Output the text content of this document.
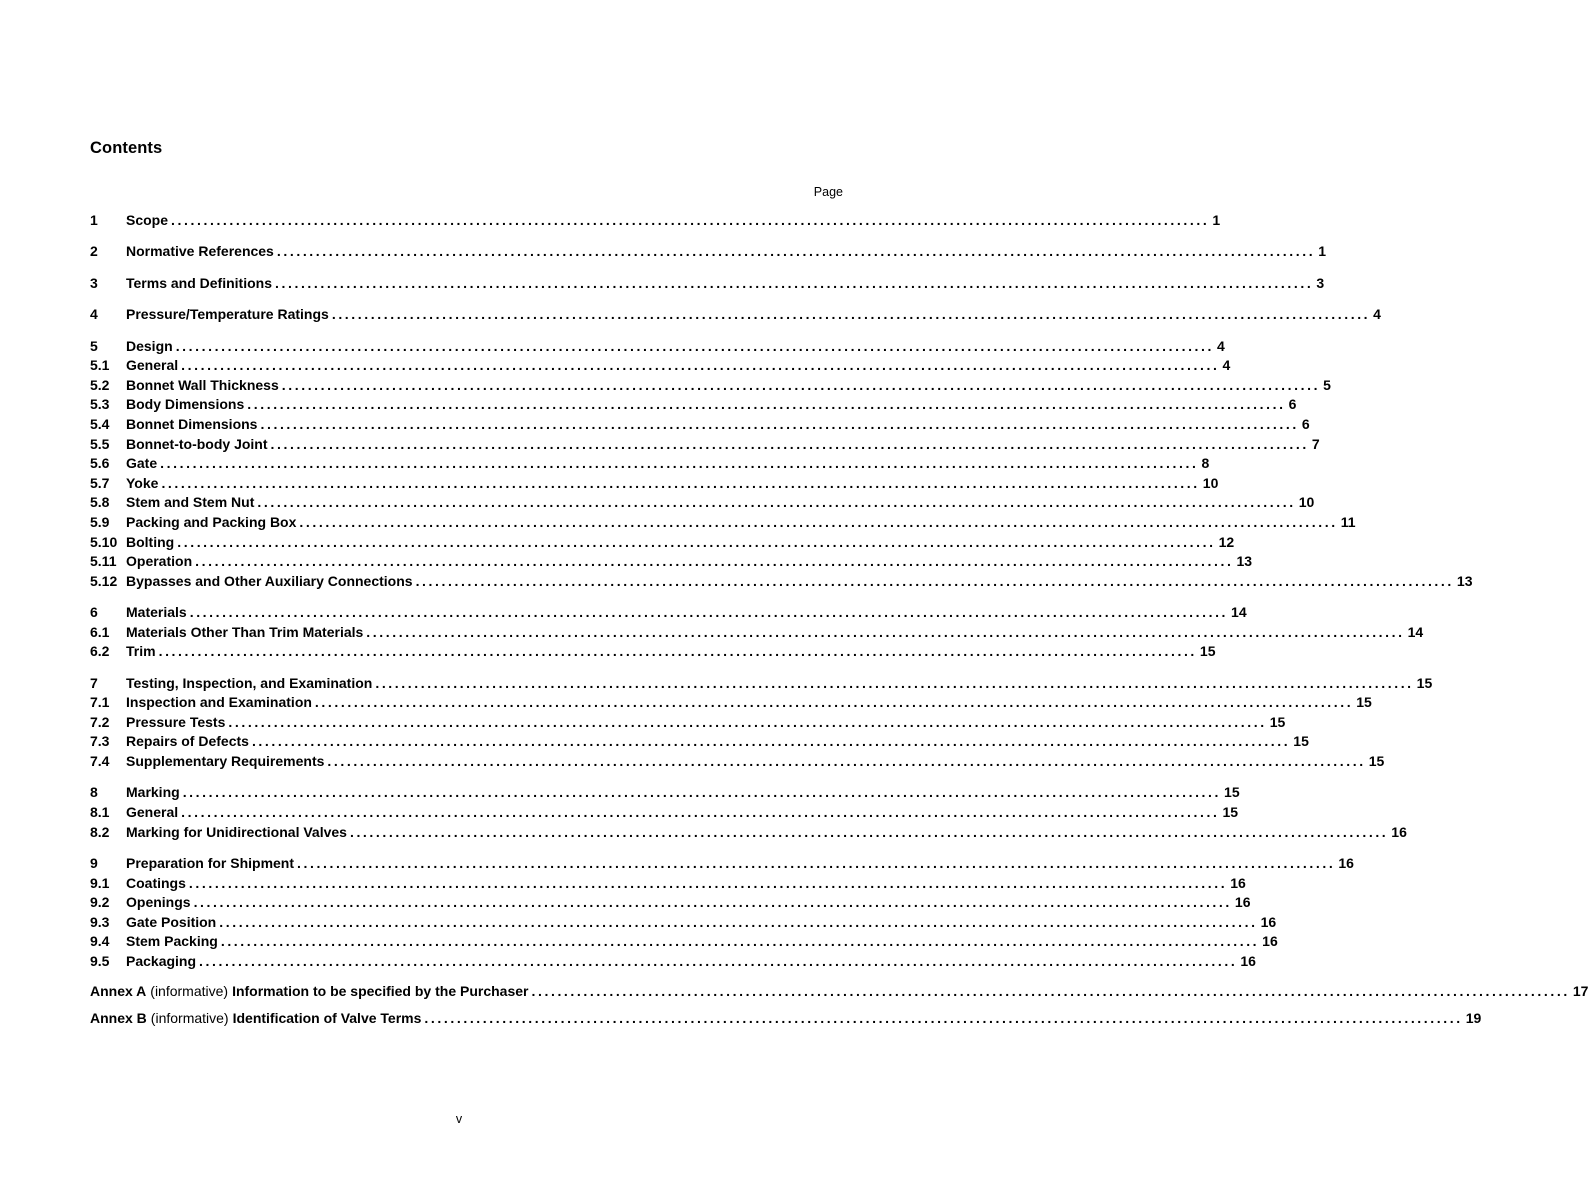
Contents
Page
1	Scope ................................................................................................................................................................ 1
2	Normative References ................................................................................................................................................................ 1
3	Terms and Definitions ................................................................................................................................................................ 3
4	Pressure/Temperature Ratings ................................................................................................................................................................ 4
5	Design ................................................................................................................................................................ 4
5.1	General ................................................................................................................................................................ 4
5.2	Bonnet Wall Thickness ................................................................................................................................................................ 5
5.3	Body Dimensions ................................................................................................................................................................ 6
5.4	Bonnet Dimensions ................................................................................................................................................................ 6
5.5	Bonnet-to-body Joint ................................................................................................................................................................ 7
5.6	Gate ................................................................................................................................................................ 8
5.7	Yoke ................................................................................................................................................................ 10
5.8	Stem and Stem Nut ................................................................................................................................................................ 10
5.9	Packing and Packing Box ................................................................................................................................................................ 11
5.10 Bolting ................................................................................................................................................................ 12
5.11 Operation ................................................................................................................................................................ 13
5.12 Bypasses and Other Auxiliary Connections ................................................................................................................................................................ 13
6	Materials ................................................................................................................................................................ 14
6.1	Materials Other Than Trim Materials ................................................................................................................................................................ 14
6.2	Trim ................................................................................................................................................................ 15
7	Testing, Inspection, and Examination ................................................................................................................................................................ 15
7.1	Inspection and Examination ................................................................................................................................................................ 15
7.2	Pressure Tests ................................................................................................................................................................ 15
7.3	Repairs of Defects ................................................................................................................................................................ 15
7.4	Supplementary Requirements ................................................................................................................................................................ 15
8	Marking ................................................................................................................................................................ 15
8.1	General ................................................................................................................................................................ 15
8.2	Marking for Unidirectional Valves ................................................................................................................................................................ 16
9	Preparation for Shipment ................................................................................................................................................................ 16
9.1	Coatings ................................................................................................................................................................ 16
9.2	Openings ................................................................................................................................................................ 16
9.3	Gate Position ................................................................................................................................................................ 16
9.4	Stem Packing ................................................................................................................................................................ 16
9.5	Packaging ................................................................................................................................................................ 16
Annex A (informative) Information to be specified by the Purchaser ................................................................................................................................................................ 17
Annex B (informative) Identification of Valve Terms ................................................................................................................................................................ 19
v
